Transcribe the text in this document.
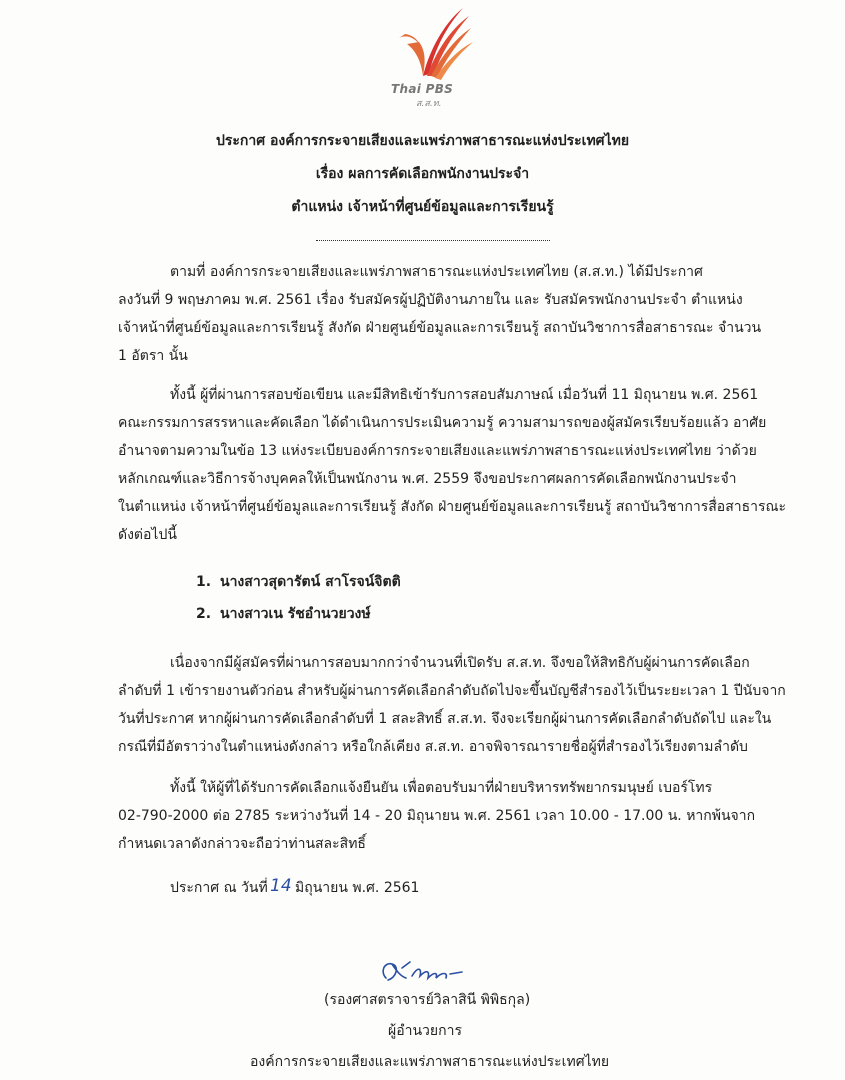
Thai PBS
ส.ส.ท.
ประกาศ องค์การกระจายเสียงและแพร่ภาพสาธารณะแห่งประเทศไทย
เรื่อง ผลการคัดเลือกพนักงานประจำ
ตำแหน่ง เจ้าหน้าที่ศูนย์ข้อมูลและการเรียนรู้
ตามที่ องค์การกระจายเสียงและแพร่ภาพสาธารณะแห่งประเทศไทย (ส.ส.ท.) ได้มีประกาศ
ลงวันที่ 9 พฤษภาคม พ.ศ. 2561 เรื่อง รับสมัครผู้ปฏิบัติงานภายใน และ รับสมัครพนักงานประจำ ตำแหน่ง
เจ้าหน้าที่ศูนย์ข้อมูลและการเรียนรู้ สังกัด ฝ่ายศูนย์ข้อมูลและการเรียนรู้ สถาบันวิชาการสื่อสาธารณะ จำนวน
1 อัตรา นั้น
ทั้งนี้ ผู้ที่ผ่านการสอบข้อเขียน และมีสิทธิเข้ารับการสอบสัมภาษณ์ เมื่อวันที่ 11 มิถุนายน พ.ศ. 2561
คณะกรรมการสรรหาและคัดเลือก ได้ดำเนินการประเมินความรู้ ความสามารถของผู้สมัครเรียบร้อยแล้ว อาศัย
อำนาจตามความในข้อ 13 แห่งระเบียบองค์การกระจายเสียงและแพร่ภาพสาธารณะแห่งประเทศไทย ว่าด้วย
หลักเกณฑ์และวิธีการจ้างบุคคลให้เป็นพนักงาน พ.ศ. 2559 จึงขอประกาศผลการคัดเลือกพนักงานประจำ
ในตำแหน่ง เจ้าหน้าที่ศูนย์ข้อมูลและการเรียนรู้ สังกัด ฝ่ายศูนย์ข้อมูลและการเรียนรู้ สถาบันวิชาการสื่อสาธารณะ
ดังต่อไปนี้
1. นางสาวสุดารัตน์ สาโรจน์จิตติ
2. นางสาวเน รัชอำนวยวงษ์
เนื่องจากมีผู้สมัครที่ผ่านการสอบมากกว่าจำนวนที่เปิดรับ ส.ส.ท. จึงขอให้สิทธิกับผู้ผ่านการคัดเลือก
ลำดับที่ 1 เข้ารายงานตัวก่อน สำหรับผู้ผ่านการคัดเลือกลำดับถัดไปจะขึ้นบัญชีสำรองไว้เป็นระยะเวลา 1 ปีนับจาก
วันที่ประกาศ หากผู้ผ่านการคัดเลือกลำดับที่ 1 สละสิทธิ์ ส.ส.ท. จึงจะเรียกผู้ผ่านการคัดเลือกลำดับถัดไป และใน
กรณีที่มีอัตราว่างในตำแหน่งดังกล่าว หรือใกล้เคียง ส.ส.ท. อาจพิจารณารายชื่อผู้ที่สำรองไว้เรียงตามลำดับ
ทั้งนี้ ให้ผู้ที่ได้รับการคัดเลือกแจ้งยืนยัน เพื่อตอบรับมาที่ฝ่ายบริหารทรัพยากรมนุษย์ เบอร์โทร
02-790-2000 ต่อ 2785 ระหว่างวันที่ 14 - 20 มิถุนายน พ.ศ. 2561 เวลา 10.00 - 17.00 น. หากพ้นจาก
กำหนดเวลาดังกล่าวจะถือว่าท่านสละสิทธิ์
ประกาศ ณ วันที่ 14 มิถุนายน พ.ศ. 2561
(รองศาสตราจารย์วิลาสินี พิพิธกุล)
ผู้อำนวยการ
องค์การกระจายเสียงและแพร่ภาพสาธารณะแห่งประเทศไทย
